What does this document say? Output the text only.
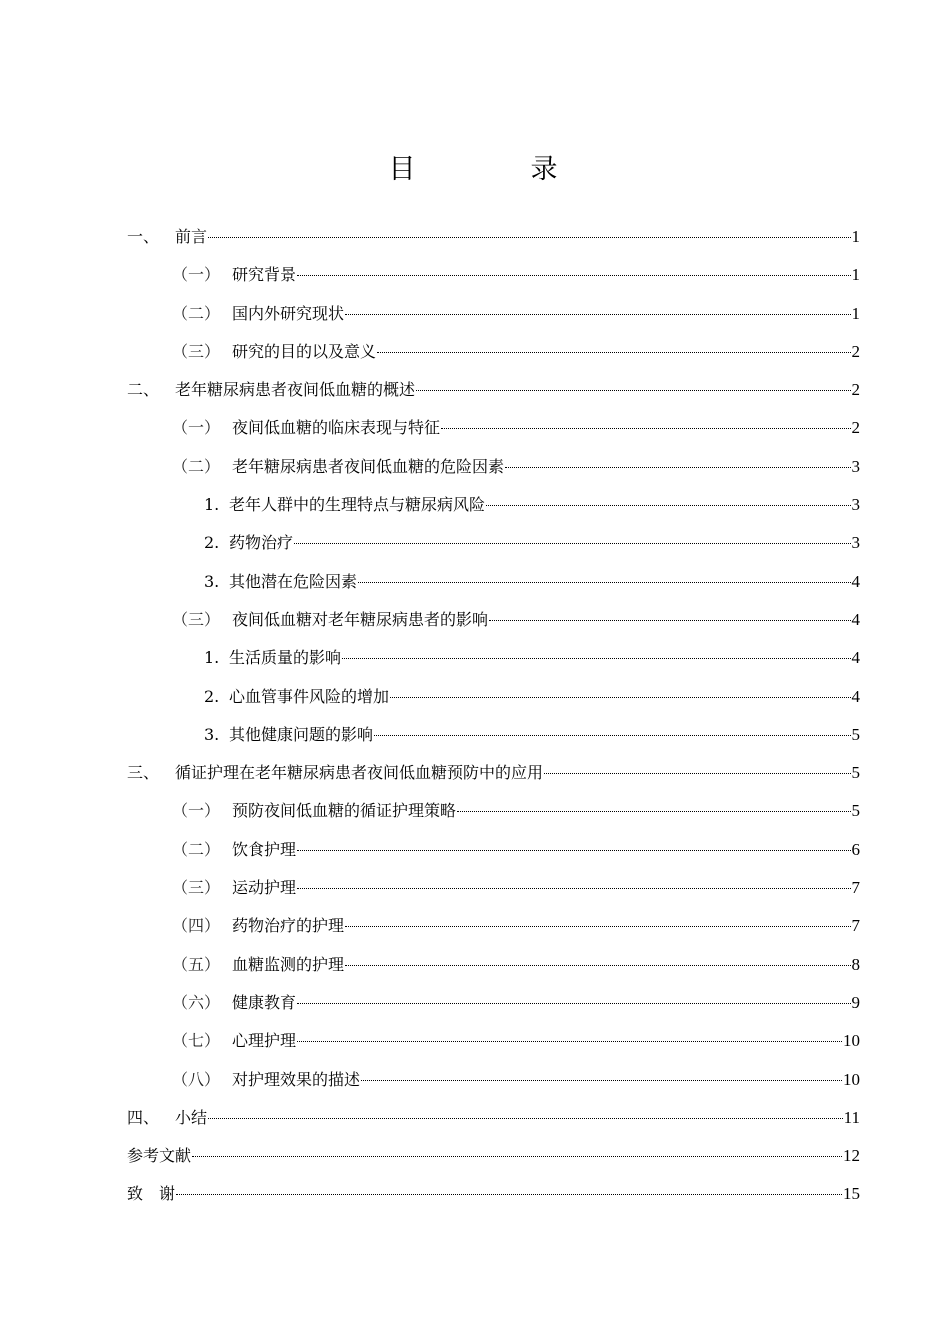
目　录
一、 前言	1
（一） 研究背景	1
（二） 国内外研究现状	1
（三） 研究的目的以及意义	2
二、 老年糖尿病患者夜间低血糖的概述	2
（一） 夜间低血糖的临床表现与特征	2
（二） 老年糖尿病患者夜间低血糖的危险因素	3
1. 老年人群中的生理特点与糖尿病风险	3
2. 药物治疗	3
3. 其他潜在危险因素	4
（三） 夜间低血糖对老年糖尿病患者的影响	4
1. 生活质量的影响	4
2. 心血管事件风险的增加	4
3. 其他健康问题的影响	5
三、 循证护理在老年糖尿病患者夜间低血糖预防中的应用	5
（一） 预防夜间低血糖的循证护理策略	5
（二） 饮食护理	6
（三） 运动护理	7
（四） 药物治疗的护理	7
（五） 血糖监测的护理	8
（六） 健康教育	9
（七） 心理护理	10
（八） 对护理效果的描述	10
四、 小结	11
参考文献	12
致　谢	15
